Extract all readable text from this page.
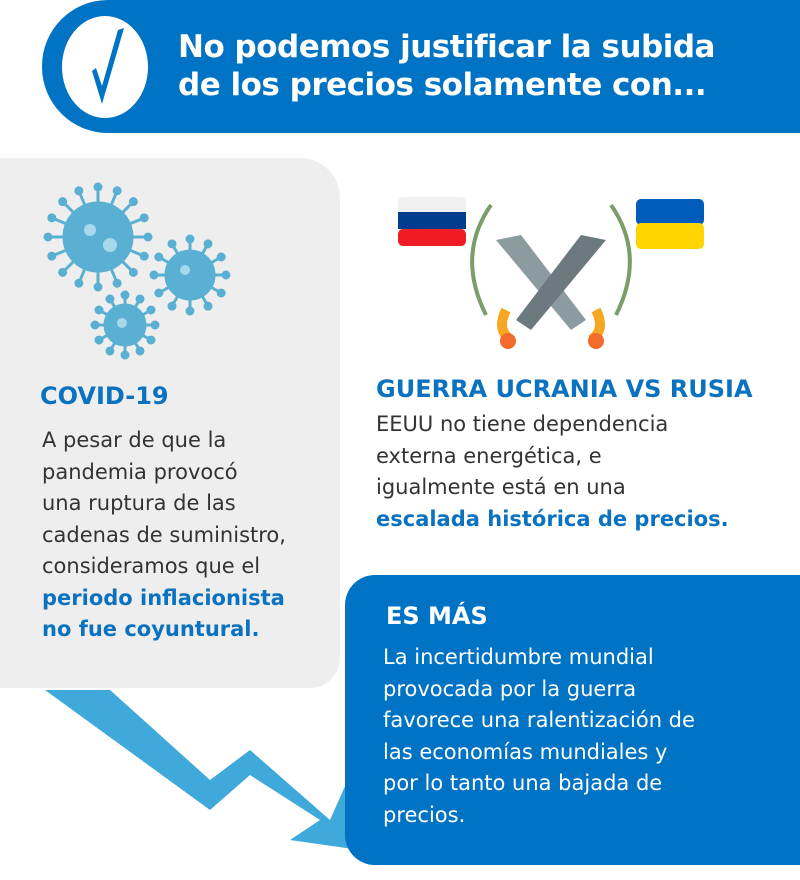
No podemos justificar la subida
de los precios solamente con...
COVID-19
A pesar de que la
pandemia provocó
una ruptura de las
cadenas de suministro,
consideramos que el
periodo inflacionista
no fue coyuntural.
GUERRA UCRANIA VS RUSIA
EEUU no tiene dependencia
externa energética, e
igualmente está en una
escalada histórica de precios.
ES MÁS
La incertidumbre mundial
provocada por la guerra
favorece una ralentización de
las economías mundiales y
por lo tanto una bajada de
precios.
